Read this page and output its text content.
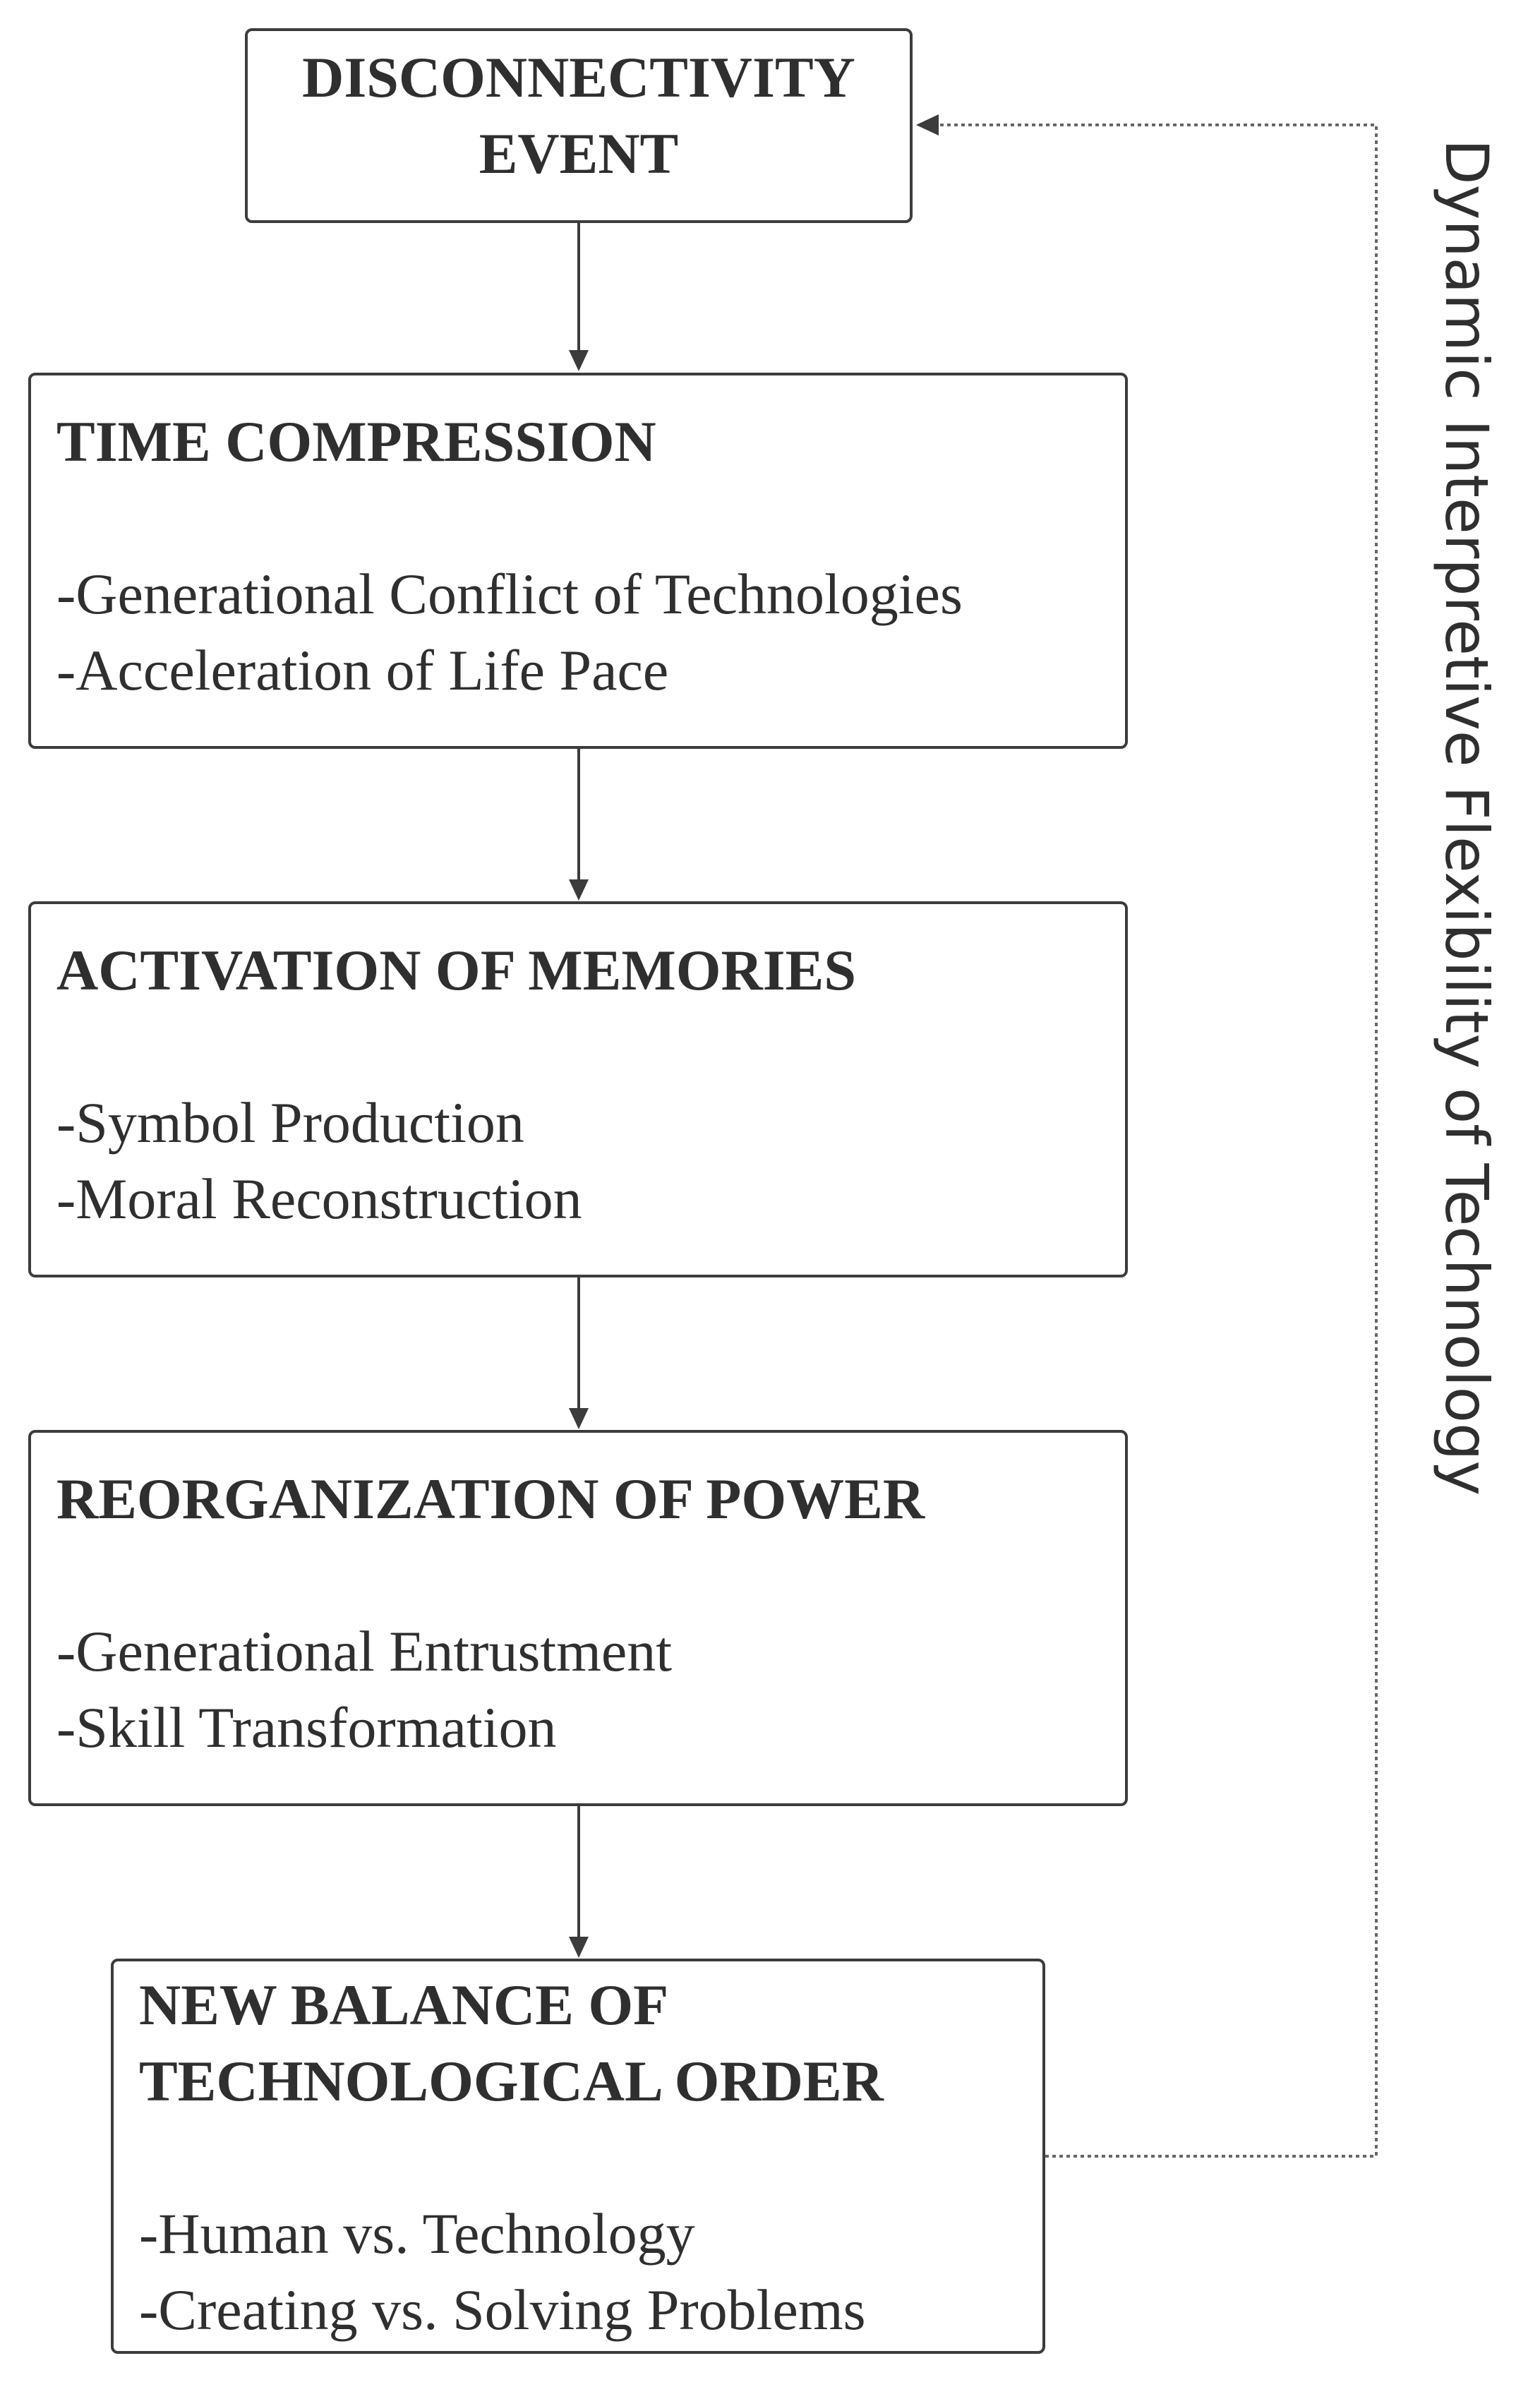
DISCONNECTIVITY
EVENT
TIME COMPRESSION
-Generational Conflict of Technologies
-Acceleration of Life Pace
ACTIVATION OF MEMORIES
-Symbol Production
-Moral Reconstruction
REORGANIZATION OF POWER
-Generational Entrustment
-Skill Transformation
NEW BALANCE OF
TECHNOLOGICAL ORDER
-Human vs. Technology
-Creating vs. Solving Problems
Dynamic Interpretive Flexibility of Technology
